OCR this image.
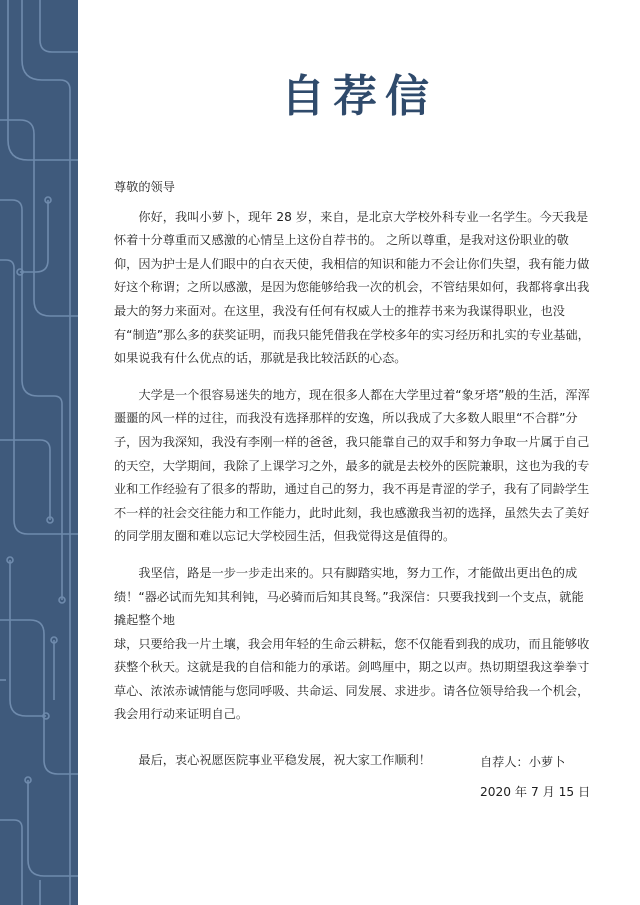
自荐信

尊敬的领导

你好，我叫小萝卜，现年 28 岁，来自，是北京大学校外科专业一名学生。今天我是怀着十分尊重而又感激的心情呈上这份自荐书的。 之所以尊重，是我对这份职业的敬仰，因为护士是人们眼中的白衣天使，我相信的知识和能力不会让你们失望，我有能力做好这个称谓；之所以感激，是因为您能够给我一次的机会，不管结果如何，我都将拿出我最大的努力来面对。在这里，我没有任何有权威人士的推荐书来为我谋得职业，也没有“制造”那么多的获奖证明，而我只能凭借我在学校多年的实习经历和扎实的专业基础，如果说我有什么优点的话，那就是我比较活跃的心态。

大学是一个很容易迷失的地方，现在很多人都在大学里过着“象牙塔”般的生活，浑浑噩噩的风一样的过往，而我没有选择那样的安逸，所以我成了大多数人眼里“不合群”分子，因为我深知，我没有李刚一样的爸爸，我只能靠自己的双手和努力争取一片属于自己的天空，大学期间，我除了上课学习之外，最多的就是去校外的医院兼职，这也为我的专业和工作经验有了很多的帮助，通过自己的努力，我不再是青涩的学子，我有了同龄学生不一样的社会交往能力和工作能力，此时此刻，我也感激我当初的选择，虽然失去了美好的同学朋友圈和难以忘记大学校园生活，但我觉得这是值得的。

我坚信，路是一步一步走出来的。只有脚踏实地，努力工作，才能做出更出色的成绩！“器必试而先知其利钝，马必骑而后知其良驽。”我深信：只要我找到一个支点，就能撬起整个地

球，只要给我一片土壤，我会用年轻的生命云耕耘，您不仅能看到我的成功，而且能够收获整个秋天。这就是我的自信和能力的承诺。剑鸣厘中，期之以声。热切期望我这拳拳寸草心、浓浓赤诚情能与您同呼吸、共命运、同发展、求进步。请各位领导给我一个机会，我会用行动来证明自己。

最后，衷心祝愿医院事业平稳发展，祝大家工作顺利！	自荐人：小萝卜
2020 年 7 月 15 日
